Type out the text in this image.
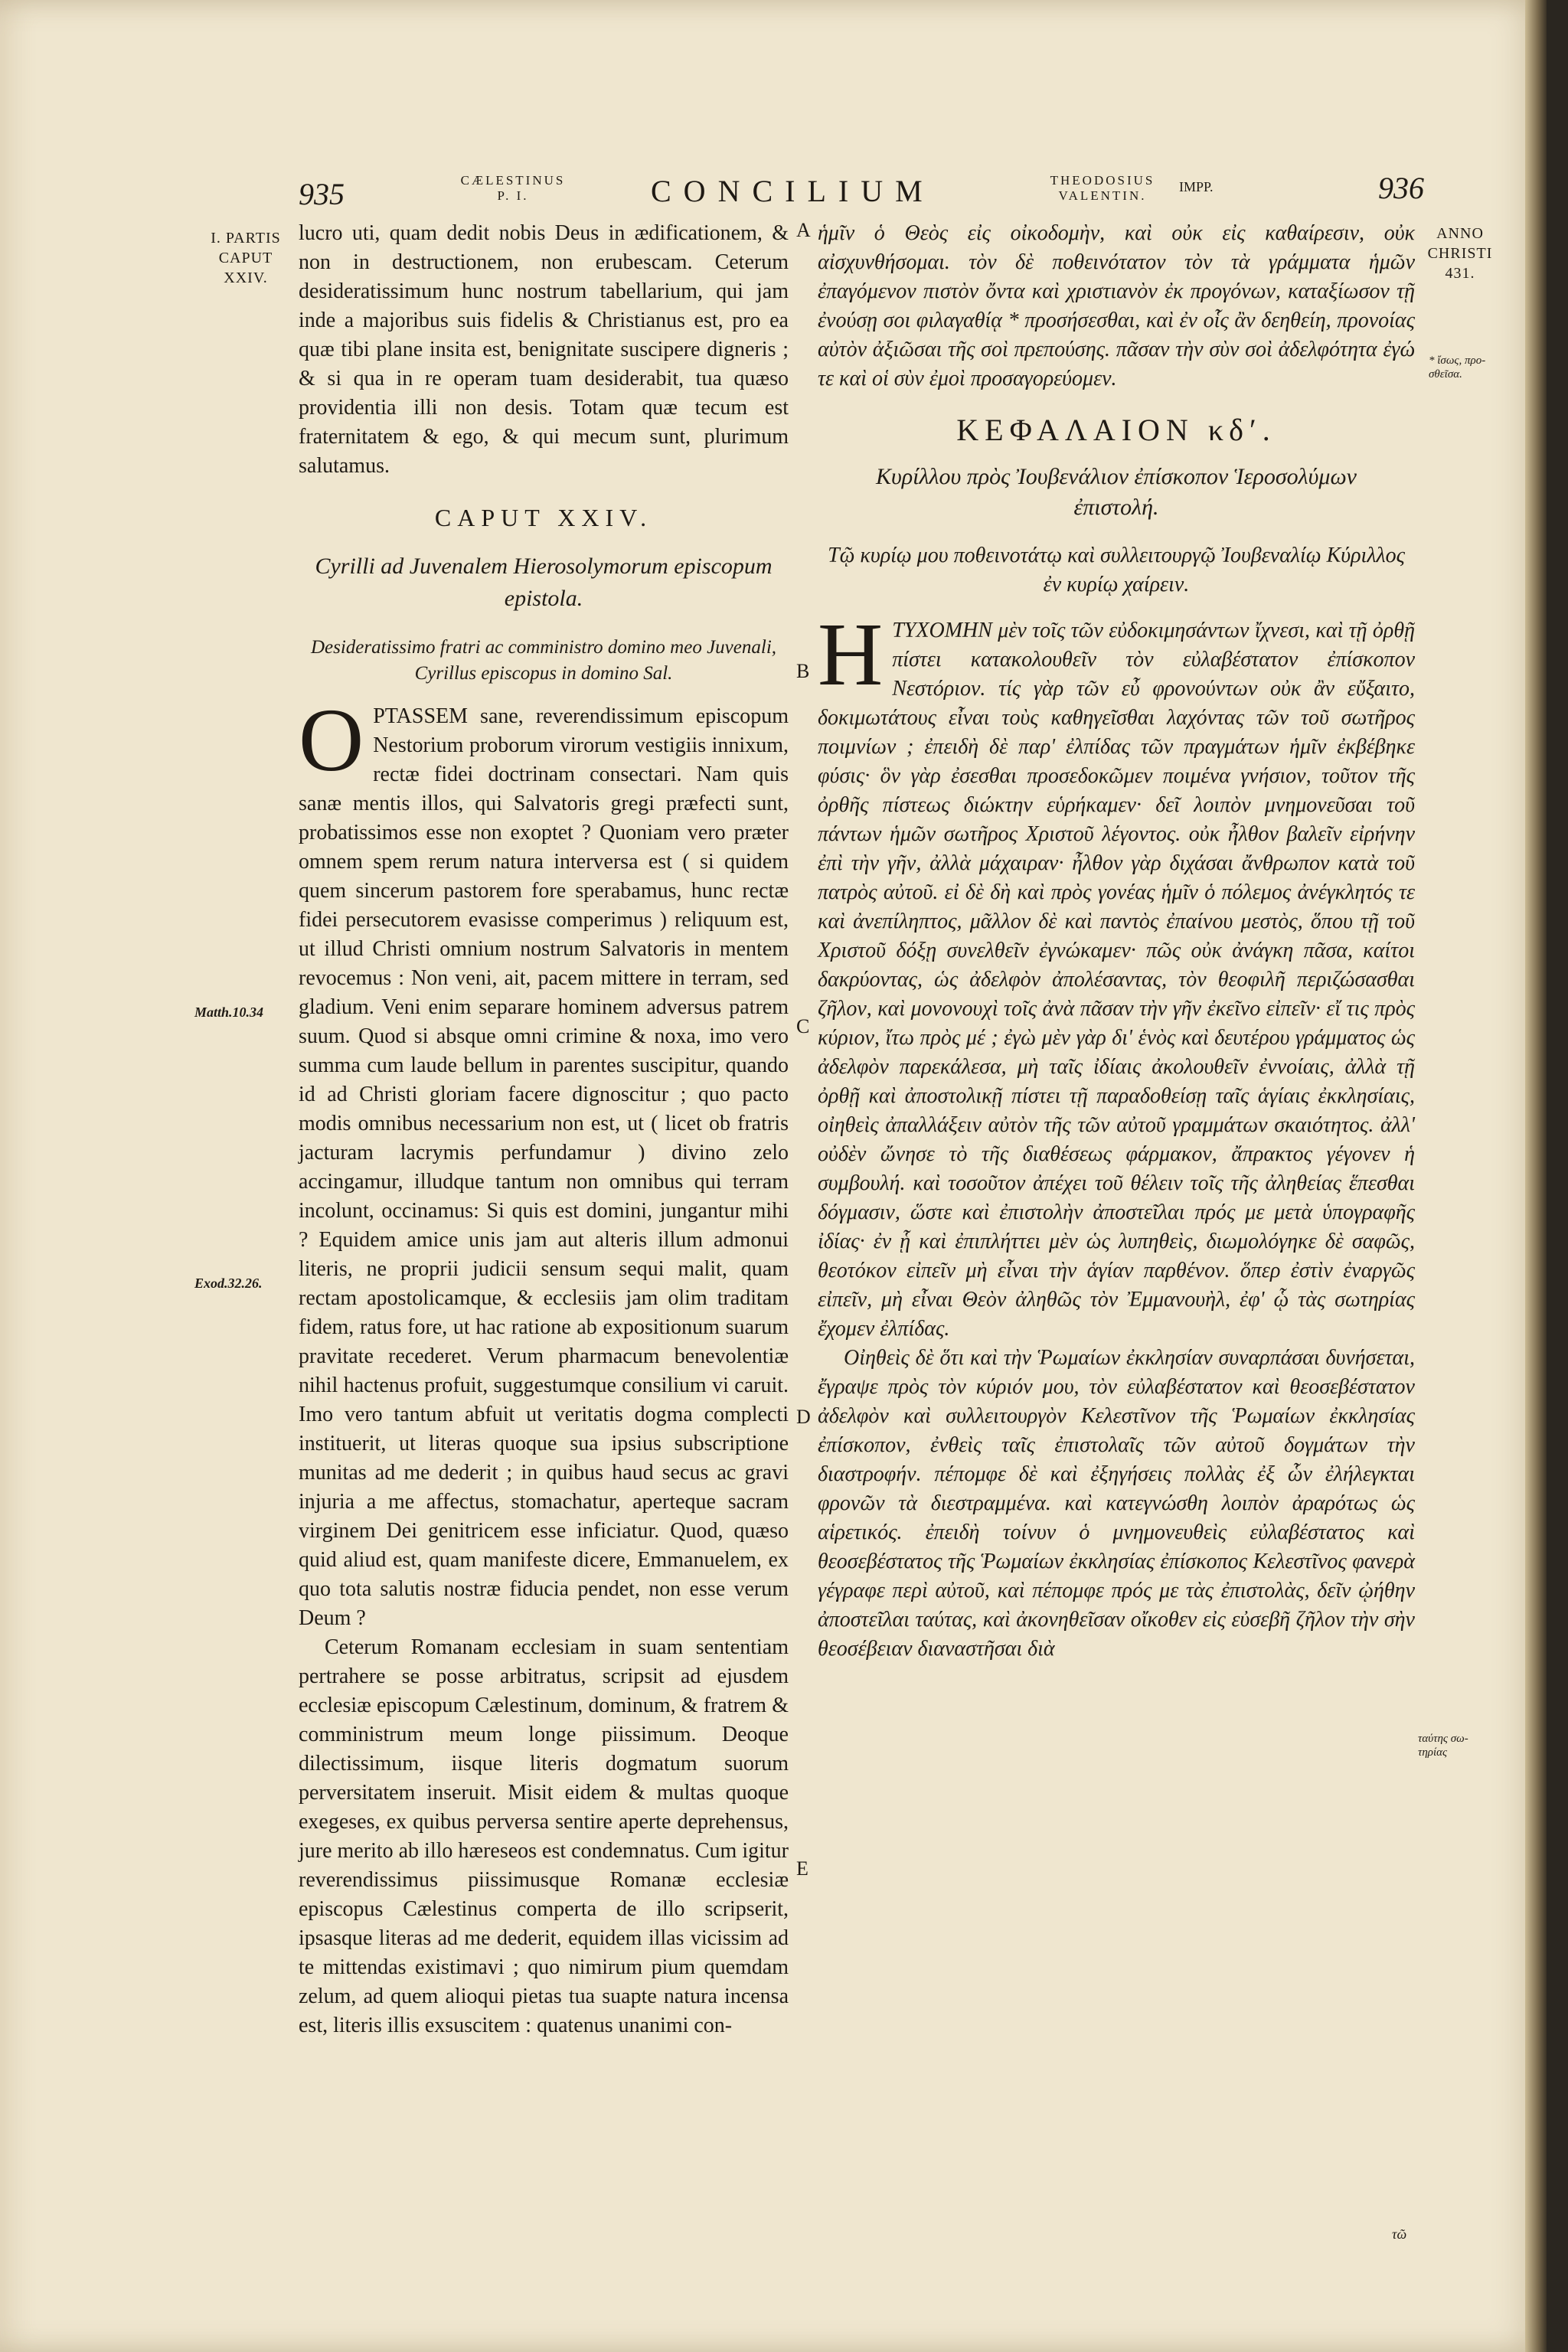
935	CÆLESTINUS
P. I.	CONCILIUM	THEODOSIUS
VALENTIN.
IMPP.	936
I. PARTIS
CAPUT
XXIV.
ANNO
CHRISTI
431.
* ἴσως, προ-σθεῖσα.
ταύτης σω-τηρίας
Matth.10.34
Exod.32.26.
A
B
C
D
E

lucro uti, quam dedit nobis Deus in ædificationem, & non in destructionem, non erubescam. Ceterum desideratissimum hunc nostrum tabellarium, qui jam inde a majoribus suis fidelis & Christianus est, pro ea quæ tibi plane insita est, benignitate suscipere digneris ; & si qua in re operam tuam desiderabit, tua quæso providentia illi non desis. Totam quæ tecum est fraternitatem & ego, & qui mecum sunt, plurimum salutamus.

CAPUT XXIV.
Cyrilli ad Juvenalem Hierosolymorum episcopum epistola.
Desideratissimo fratri ac comministro domino meo Juvenali, Cyrillus episcopus in domino Sal.
O PTASSEM sane, reverendissimum episcopum Nestorium proborum virorum vestigiis innixum, rectæ fidei doctrinam consectari. Nam quis sanæ mentis illos, qui Salvatoris gregi præfecti sunt, probatissimos esse non exoptet ? Quoniam vero præter omnem spem rerum natura interversa est ( si quidem quem sincerum pastorem fore sperabamus, hunc rectæ fidei persecutorem evasisse comperimus ) reliquum est, ut illud Christi omnium nostrum Salvatoris in mentem revocemus : Non veni, ait, pacem mittere in terram, sed gladium. Veni enim separare hominem adversus patrem suum. Quod si absque omni crimine & noxa, imo vero summa cum laude bellum in parentes suscipitur, quando id ad Christi gloriam facere dignoscitur ; quo pacto modis omnibus necessarium non est, ut ( licet ob fratris jacturam lacrymis perfundamur ) divino zelo accingamur, illudque tantum non omnibus qui terram incolunt, occinamus: Si quis est domini, jungantur mihi ? Equidem amice unis jam aut alteris illum admonui literis, ne proprii judicii sensum sequi malit, quam rectam apostolicamque, & ecclesiis jam olim traditam fidem, ratus fore, ut hac ratione ab expositionum suarum pravitate recederet. Verum pharmacum benevolentiæ nihil hactenus profuit, suggestumque consilium vi caruit. Imo vero tantum abfuit ut veritatis dogma complecti instituerit, ut literas quoque sua ipsius subscriptione munitas ad me dederit ; in quibus haud secus ac gravi injuria a me affectus, stomachatur, aperteque sacram virginem Dei genitricem esse inficiatur. Quod, quæso quid aliud est, quam manifeste dicere, Emmanuelem, ex quo tota salutis nostræ fiducia pendet, non esse verum Deum ?

Ceterum Romanam ecclesiam in suam sententiam pertrahere se posse arbitratus, scripsit ad ejusdem ecclesiæ episcopum Cælestinum, dominum, & fratrem & comministrum meum longe piissimum. Deoque dilectissimum, iisque literis dogmatum suorum perversitatem inseruit. Misit eidem & multas quoque exegeses, ex quibus perversa sentire aperte deprehensus, jure merito ab illo hæreseos est condemnatus. Cum igitur reverendissimus piissimusque Romanæ ecclesiæ episcopus Cælestinus comperta de illo scripserit, ipsasque literas ad me dederit, equidem illas vicissim ad te mittendas existimavi ; quo nimirum pium quemdam zelum, ad quem alioqui pietas tua suapte natura incensa est, literis illis exsuscitem : quatenus unanimi con-

ἡμῖν ὁ Θεὸς εἰς οἰκοδομὴν, καὶ οὐκ εἰς καθαίρεσιν, οὐκ αἰσχυνθήσομαι. τὸν δὲ ποθεινότατον τὸν τὰ γράμματα ἡμῶν ἐπαγόμενον πιστὸν ὄντα καὶ χριστιανὸν ἐκ προγόνων, καταξίωσον τῇ ἐνούσῃ σοι φιλαγαθίᾳ * προσήσεσθαι, καὶ ἐν οἷς ἂν δεηθείη, προνοίας αὐτὸν ἀξιῶσαι τῆς σοὶ πρεπούσης. πᾶσαν τὴν σὺν σοὶ ἀδελφότητα ἐγώ τε καὶ οἱ σὺν ἐμοὶ προσαγορεύομεν.

ΚΕΦΑΛΑΙΟΝ κδʹ.
Κυρίλλου πρὸς Ἰουβενάλιον ἐπίσκοπον Ἱεροσολύμων ἐπιστολή.
Τῷ κυρίῳ μου ποθεινοτάτῳ καὶ συλλειτουργῷ Ἰουβεναλίῳ Κύριλλος ἐν κυρίῳ χαίρειν.
Η ΤΥΧΟΜΗΝ μὲν τοῖς τῶν εὐδοκιμησάντων ἴχνεσι, καὶ τῇ ὀρθῇ πίστει κατακολουθεῖν τὸν εὐλαβέστατον ἐπίσκοπον Νεστόριον. τίς γὰρ τῶν εὖ φρονούντων οὐκ ἂν εὔξαιτο, δοκιμωτάτους εἶναι τοὺς καθηγεῖσθαι λαχόντας τῶν τοῦ σωτῆρος ποιμνίων ; ἐπειδὴ δὲ παρ' ἐλπίδας τῶν πραγμάτων ἡμῖν ἐκβέβηκε φύσις· ὃν γὰρ ἐσεσθαι προσεδοκῶμεν ποιμένα γνήσιον, τοῦτον τῆς ὀρθῆς πίστεως διώκτην εὑρήκαμεν· δεῖ λοιπὸν μνημονεῦσαι τοῦ πάντων ἡμῶν σωτῆρος Χριστοῦ λέγοντος. οὐκ ἦλθον βαλεῖν εἰρήνην ἐπὶ τὴν γῆν, ἀλλὰ μάχαιραν· ἦλθον γὰρ διχάσαι ἄνθρωπον κατὰ τοῦ πατρὸς αὐτοῦ. εἰ δὲ δὴ καὶ πρὸς γονέας ἡμῖν ὁ πόλεμος ἀνέγκλητός τε καὶ ἀνεπίληπτος, μᾶλλον δὲ καὶ παντὸς ἐπαίνου μεστὸς, ὅπου τῇ τοῦ Χριστοῦ δόξῃ συνελθεῖν ἐγνώκαμεν· πῶς οὐκ ἀνάγκη πᾶσα, καίτοι δακρύοντας, ὡς ἀδελφὸν ἀπολέσαντας, τὸν θεοφιλῆ περιζώσασθαι ζῆλον, καὶ μονονουχὶ τοῖς ἀνὰ πᾶσαν τὴν γῆν ἐκεῖνο εἰπεῖν· εἴ τις πρὸς κύριον, ἴτω πρὸς μέ ; ἐγὼ μὲν γὰρ δι' ἑνὸς καὶ δευτέρου γράμματος ὡς ἀδελφὸν παρεκάλεσα, μὴ ταῖς ἰδίαις ἀκολουθεῖν ἐννοίαις, ἀλλὰ τῇ ὀρθῇ καὶ ἀποστολικῇ πίστει τῇ παραδοθείσῃ ταῖς ἁγίαις ἐκκλησίαις, οἰηθεὶς ἀπαλλάξειν αὐτὸν τῆς τῶν αὐτοῦ γραμμάτων σκαιότητος. ἀλλ' οὐδὲν ὤνησε τὸ τῆς διαθέσεως φάρμακον, ἄπρακτος γέγονεν ἡ συμβουλή. καὶ τοσοῦτον ἀπέχει τοῦ θέλειν τοῖς τῆς ἀληθείας ἕπεσθαι δόγμασιν, ὥστε καὶ ἐπιστολὴν ἀποστεῖλαι πρός με μετὰ ὑπογραφῆς ἰδίας· ἐν ᾗ καὶ ἐπιπλήττει μὲν ὡς λυπηθεὶς, διωμολόγηκε δὲ σαφῶς, θεοτόκον εἰπεῖν μὴ εἶναι τὴν ἁγίαν παρθένον. ὅπερ ἐστὶν ἐναργῶς εἰπεῖν, μὴ εἶναι Θεὸν ἀληθῶς τὸν Ἐμμανουὴλ, ἐφ' ᾧ τὰς σωτηρίας ἔχομεν ἐλπίδας.

Οἰηθεὶς δὲ ὅτι καὶ τὴν Ῥωμαίων ἐκκλησίαν συναρπάσαι δυνήσεται, ἔγραψε πρὸς τὸν κύριόν μου, τὸν εὐλαβέστατον καὶ θεοσεβέστατον ἀδελφὸν καὶ συλλειτουργὸν Κελεστῖνον τῆς Ῥωμαίων ἐκκλησίας ἐπίσκοπον, ἐνθεὶς ταῖς ἐπιστολαῖς τῶν αὐτοῦ δογμάτων τὴν διαστροφήν. πέπομφε δὲ καὶ ἐξηγήσεις πολλὰς ἐξ ὧν ἐλήλεγκται φρονῶν τὰ διεστραμμένα. καὶ κατεγνώσθη λοιπὸν ἀραρότως ὡς αἱρετικός. ἐπειδὴ τοίνυν ὁ μνημονευθεὶς εὐλαβέστατος καὶ θεοσεβέστατος τῆς Ῥωμαίων ἐκκλησίας ἐπίσκοπος Κελεστῖνος φανερὰ γέγραφε περὶ αὐτοῦ, καὶ πέπομφε πρός με τὰς ἐπιστολὰς, δεῖν ᾠήθην ἀποστεῖλαι ταύτας, καὶ ἀκονηθεῖσαν οἴκοθεν εἰς εὐσεβῆ ζῆλον τὴν σὴν θεοσέβειαν διαναστῆσαι διὰ

τῶ
